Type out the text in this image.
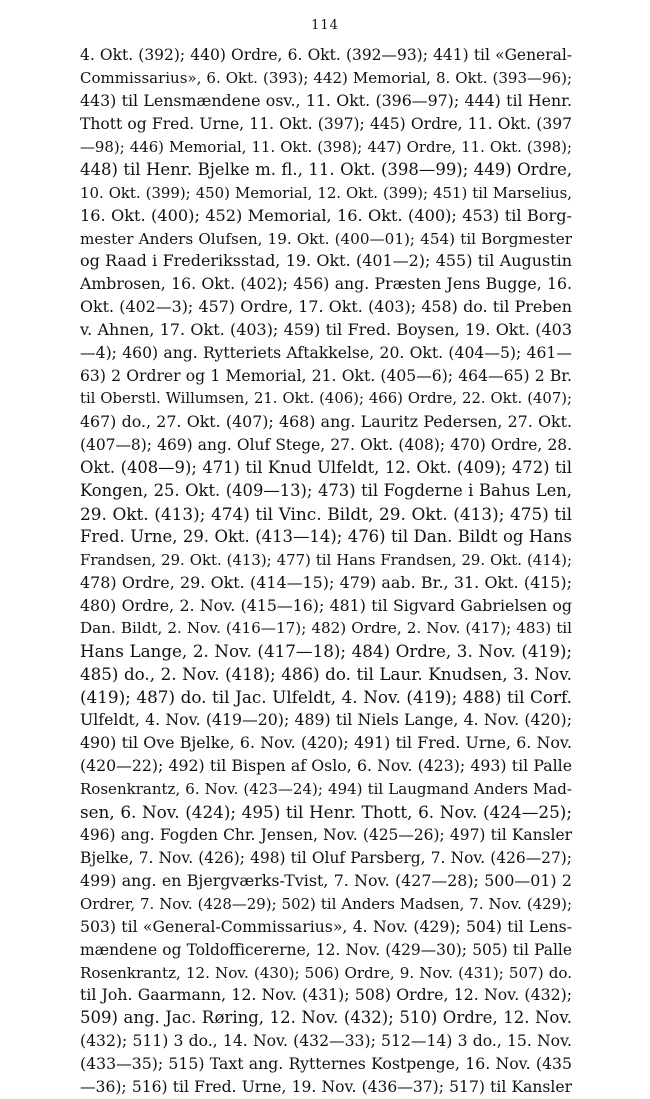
114
4. Okt. (392); 440) Ordre, 6. Okt. (392—93); 441) til «General-
Commissarius», 6. Okt. (393); 442) Memorial, 8. Okt. (393—96);
443) til Lensmændene osv., 11. Okt. (396—97); 444) til Henr.
Thott og Fred. Urne, 11. Okt. (397); 445) Ordre, 11. Okt. (397
—98); 446) Memorial, 11. Okt. (398); 447) Ordre, 11. Okt. (398);
448) til Henr. Bjelke m. fl., 11. Okt. (398—99); 449) Ordre,
10. Okt. (399); 450) Memorial, 12. Okt. (399); 451) til Marselius,
16. Okt. (400); 452) Memorial, 16. Okt. (400); 453) til Borg-
mester Anders Olufsen, 19. Okt. (400—01); 454) til Borgmester
og Raad i Frederiksstad, 19. Okt. (401—2); 455) til Augustin
Ambrosen, 16. Okt. (402); 456) ang. Præsten Jens Bugge, 16.
Okt. (402—3); 457) Ordre, 17. Okt. (403); 458) do. til Preben
v. Ahnen, 17. Okt. (403); 459) til Fred. Boysen, 19. Okt. (403
—4); 460) ang. Rytteriets Aftakkelse, 20. Okt. (404—5); 461—
63) 2 Ordrer og 1 Memorial, 21. Okt. (405—6); 464—65) 2 Br.
til Oberstl. Willumsen, 21. Okt. (406); 466) Ordre, 22. Okt. (407);
467) do., 27. Okt. (407); 468) ang. Lauritz Pedersen, 27. Okt.
(407—8); 469) ang. Oluf Stege, 27. Okt. (408); 470) Ordre, 28.
Okt. (408—9); 471) til Knud Ulfeldt, 12. Okt. (409); 472) til
Kongen, 25. Okt. (409—13); 473) til Fogderne i Bahus Len,
29. Okt. (413); 474) til Vinc. Bildt, 29. Okt. (413); 475) til
Fred. Urne, 29. Okt. (413—14); 476) til Dan. Bildt og Hans
Frandsen, 29. Okt. (413); 477) til Hans Frandsen, 29. Okt. (414);
478) Ordre, 29. Okt. (414—15); 479) aab. Br., 31. Okt. (415);
480) Ordre, 2. Nov. (415—16); 481) til Sigvard Gabrielsen og
Dan. Bildt, 2. Nov. (416—17); 482) Ordre, 2. Nov. (417); 483) til
Hans Lange, 2. Nov. (417—18); 484) Ordre, 3. Nov. (419);
485) do., 2. Nov. (418); 486) do. til Laur. Knudsen, 3. Nov.
(419); 487) do. til Jac. Ulfeldt, 4. Nov. (419); 488) til Corf.
Ulfeldt, 4. Nov. (419—20); 489) til Niels Lange, 4. Nov. (420);
490) til Ove Bjelke, 6. Nov. (420); 491) til Fred. Urne, 6. Nov.
(420—22); 492) til Bispen af Oslo, 6. Nov. (423); 493) til Palle
Rosenkrantz, 6. Nov. (423—24); 494) til Laugmand Anders Mad-
sen, 6. Nov. (424); 495) til Henr. Thott, 6. Nov. (424—25);
496) ang. Fogden Chr. Jensen, Nov. (425—26); 497) til Kansler
Bjelke, 7. Nov. (426); 498) til Oluf Parsberg, 7. Nov. (426—27);
499) ang. en Bjergværks-Tvist, 7. Nov. (427—28); 500—01) 2
Ordrer, 7. Nov. (428—29); 502) til Anders Madsen, 7. Nov. (429);
503) til «General-Commissarius», 4. Nov. (429); 504) til Lens-
mændene og Toldofficererne, 12. Nov. (429—30); 505) til Palle
Rosenkrantz, 12. Nov. (430); 506) Ordre, 9. Nov. (431); 507) do.
til Joh. Gaarmann, 12. Nov. (431); 508) Ordre, 12. Nov. (432);
509) ang. Jac. Røring, 12. Nov. (432); 510) Ordre, 12. Nov.
(432); 511) 3 do., 14. Nov. (432—33); 512—14) 3 do., 15. Nov.
(433—35); 515) Taxt ang. Rytternes Kostpenge, 16. Nov. (435
—36); 516) til Fred. Urne, 19. Nov. (436—37); 517) til Kansler
